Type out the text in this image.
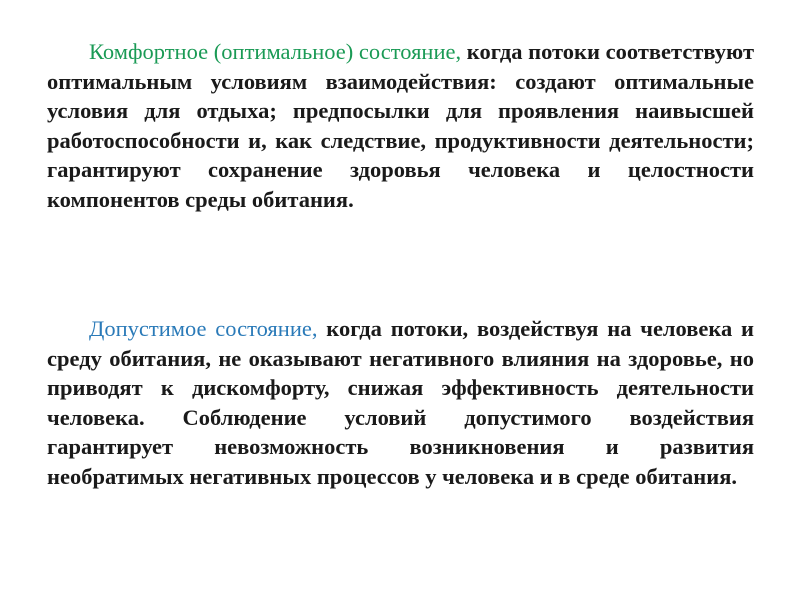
Комфортное (оптимальное) состояние, когда потоки соответствуют оптимальным условиям взаимодействия: создают оптимальные условия для отдыха; предпосылки для проявления наивысшей работоспособности и, как следствие, продуктивности деятельности; гарантируют сохранение здоровья человека и целостности компонентов среды обитания.

Допустимое состояние, когда потоки, воздействуя на человека и среду обитания, не оказывают негативного влияния на здоровье, но приводят к дискомфорту, снижая эффективность деятельности человека. Соблюдение условий допустимого воздействия гарантирует невозможность возникновения и развития необратимых негативных процессов у человека и в среде обитания.
